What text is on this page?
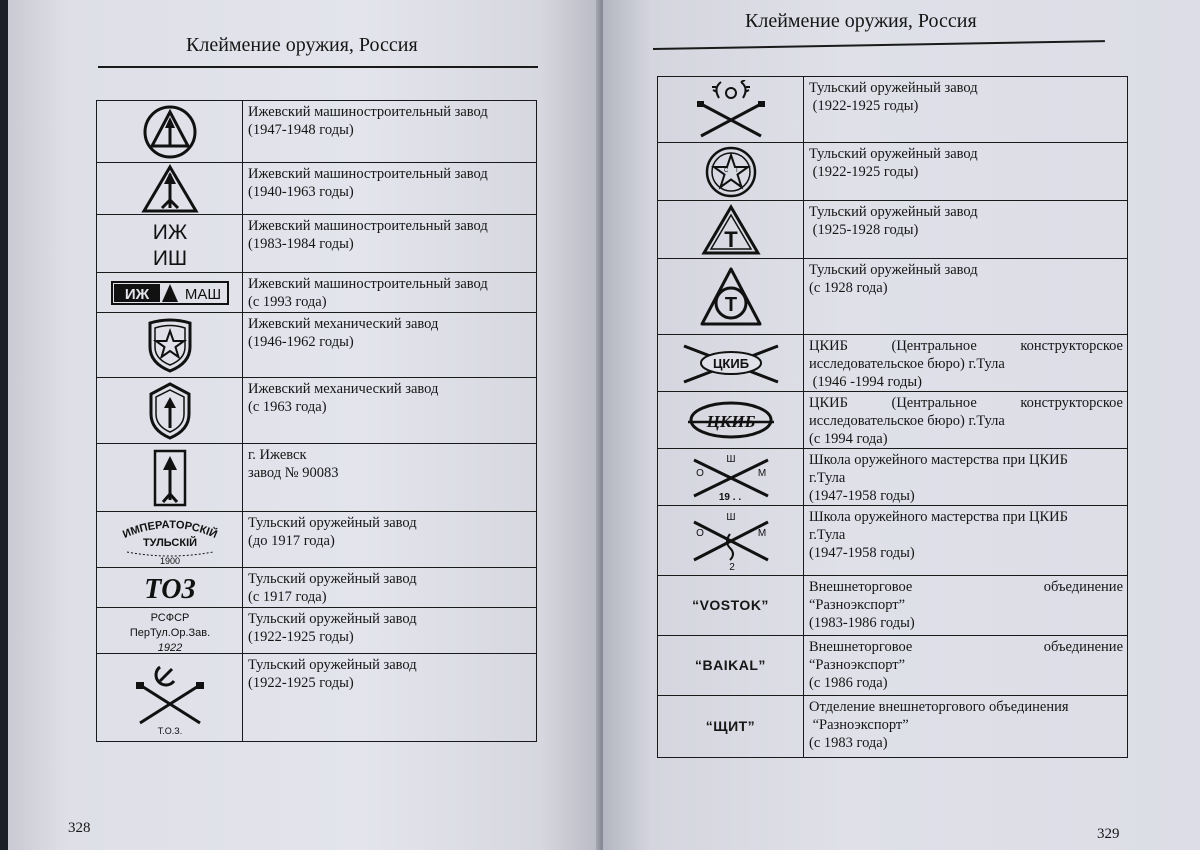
Клеймение оружия, Россия

Ижевский машиностроительный завод
(1947-1948 годы)

Ижевский машиностроительный завод
(1940-1963 годы)

ИЖ
ИШ	Ижевский машиностроительный завод
(1983-1984 годы)

ИЖ МАШ	Ижевский машиностроительный завод
(с 1993 года)

Ижевский механический завод
(1946-1962 годы)

Ижевский механический завод
(с 1963 года)

г. Ижевск
завод № 90083

ИМПЕРАТОРСКІЙ
ТУЛЬСКІЙ
1900	Тульский оружейный завод
(до 1917 года)

ТОЗ	Тульский оружейный завод
(с 1917 года)

РСФСР
ПерТул.Ор.Зав.
1922	Тульский оружейный завод
(1922-1925 годы)

Т.О.З.	Тульский оружейный завод
(1922-1925 годы)
328
Клеймение оружия, Россия

Тульский оружейный завод
(1922-1925 годы)

С Т	Тульский оружейный завод
(1922-1925 годы)

Т	Тульский оружейный завод
(1925-1928 годы)

Т	Тульский оружейный завод
(с 1928 года)

ЦКИБ	ЦКИБ (Центральное конструкторское
исследовательское бюро) г.Тула
(1946 -1994 годы)

ЦКИБ	ЦКИБ (Центральное конструкторское
исследовательское бюро) г.Тула
(с 1994 года)

Ш
О М
19 . .	Школа оружейного мастерства при ЦКИБ
г.Тула
(1947-1958 годы)

Ш
О М
2	Школа оружейного мастерства при ЦКИБ
г.Тула
(1947-1958 годы)

“VOSTOK”	Внешнеторговое объединение
“Разноэкспорт”
(1983-1986 годы)

“BAIKAL”	Внешнеторговое объединение
“Разноэкспорт”
(с 1986 года)

“ЩИТ”	Отделение внешнеторгового объединения
“Разноэкспорт”
(с 1983 года)
329
